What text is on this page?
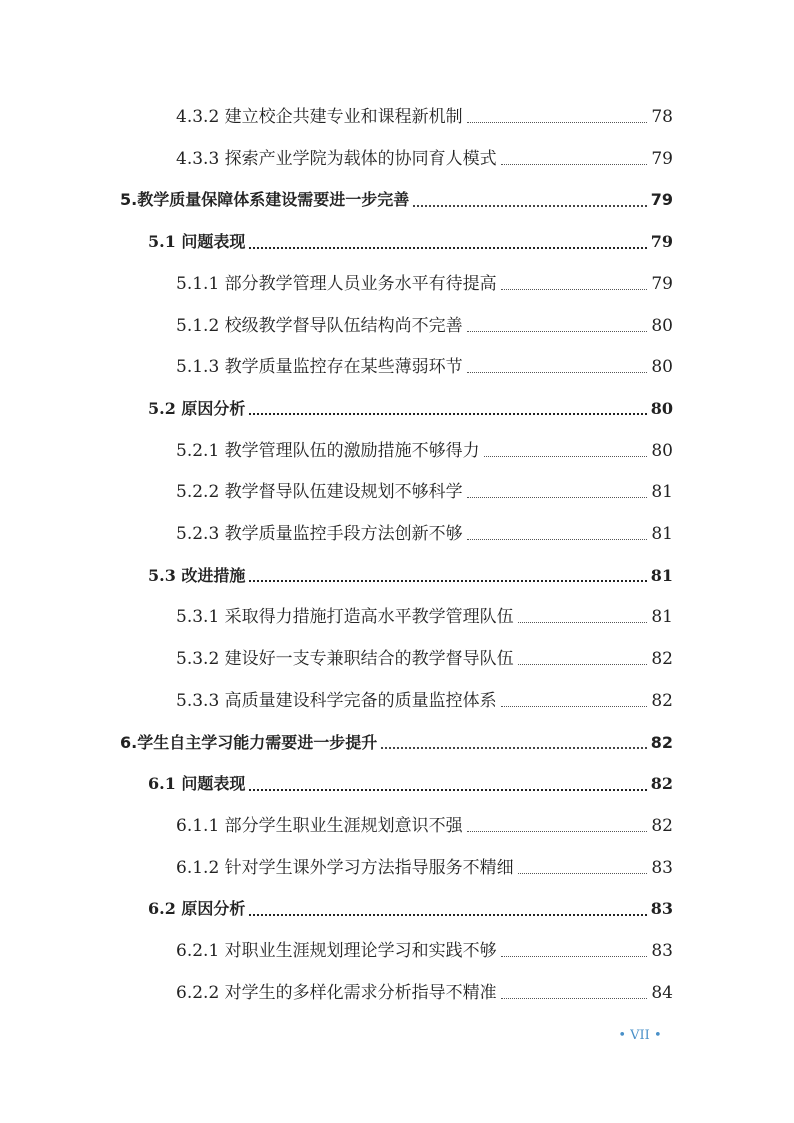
4.3.2 建立校企共建专业和课程新机制	78
4.3.3 探索产业学院为载体的协同育人模式	79
5.教学质量保障体系建设需要进一步完善	79
5.1 问题表现	79
5.1.1 部分教学管理人员业务水平有待提高	79
5.1.2 校级教学督导队伍结构尚不完善	80
5.1.3 教学质量监控存在某些薄弱环节	80
5.2 原因分析	80
5.2.1 教学管理队伍的激励措施不够得力	80
5.2.2 教学督导队伍建设规划不够科学	81
5.2.3 教学质量监控手段方法创新不够	81
5.3 改进措施	81
5.3.1 采取得力措施打造高水平教学管理队伍	81
5.3.2 建设好一支专兼职结合的教学督导队伍	82
5.3.3 高质量建设科学完备的质量监控体系	82
6.学生自主学习能力需要进一步提升	82
6.1 问题表现	82
6.1.1 部分学生职业生涯规划意识不强	82
6.1.2 针对学生课外学习方法指导服务不精细	83
6.2 原因分析	83
6.2.1 对职业生涯规划理论学习和实践不够	83
6.2.2 对学生的多样化需求分析指导不精准	84
• VII •
